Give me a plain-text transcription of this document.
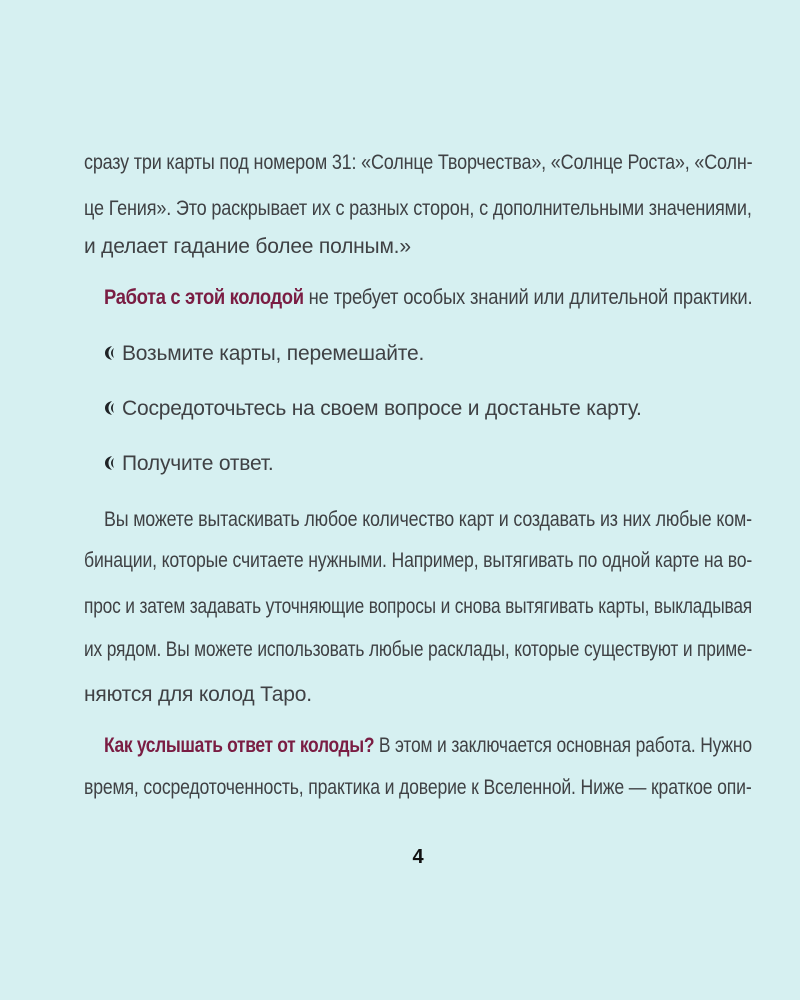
сразу три карты под номером 31: «Солнце Творчества», «Солнце Роста», «Солн-
це Гения». Это раскрывает их с разных сторон, с дополнительными значениями,
и делает гадание более полным.»
Работа с этой колодой не требует особых знаний или длительной практики.
Возьмите карты, перемешайте.
Сосредоточьтесь на своем вопросе и достаньте карту.
Получите ответ.
Вы можете вытаскивать любое количество карт и создавать из них любые ком-
бинации, которые считаете нужными. Например, вытягивать по одной карте на во-
прос и затем задавать уточняющие вопросы и снова вытягивать карты, выкладывая
их рядом. Вы можете использовать любые расклады, которые существуют и приме-
няются для колод Таро.
Как услышать ответ от колоды? В этом и заключается основная работа. Нужно
время, сосредоточенность, практика и доверие к Вселенной. Ниже — краткое опи-
4
